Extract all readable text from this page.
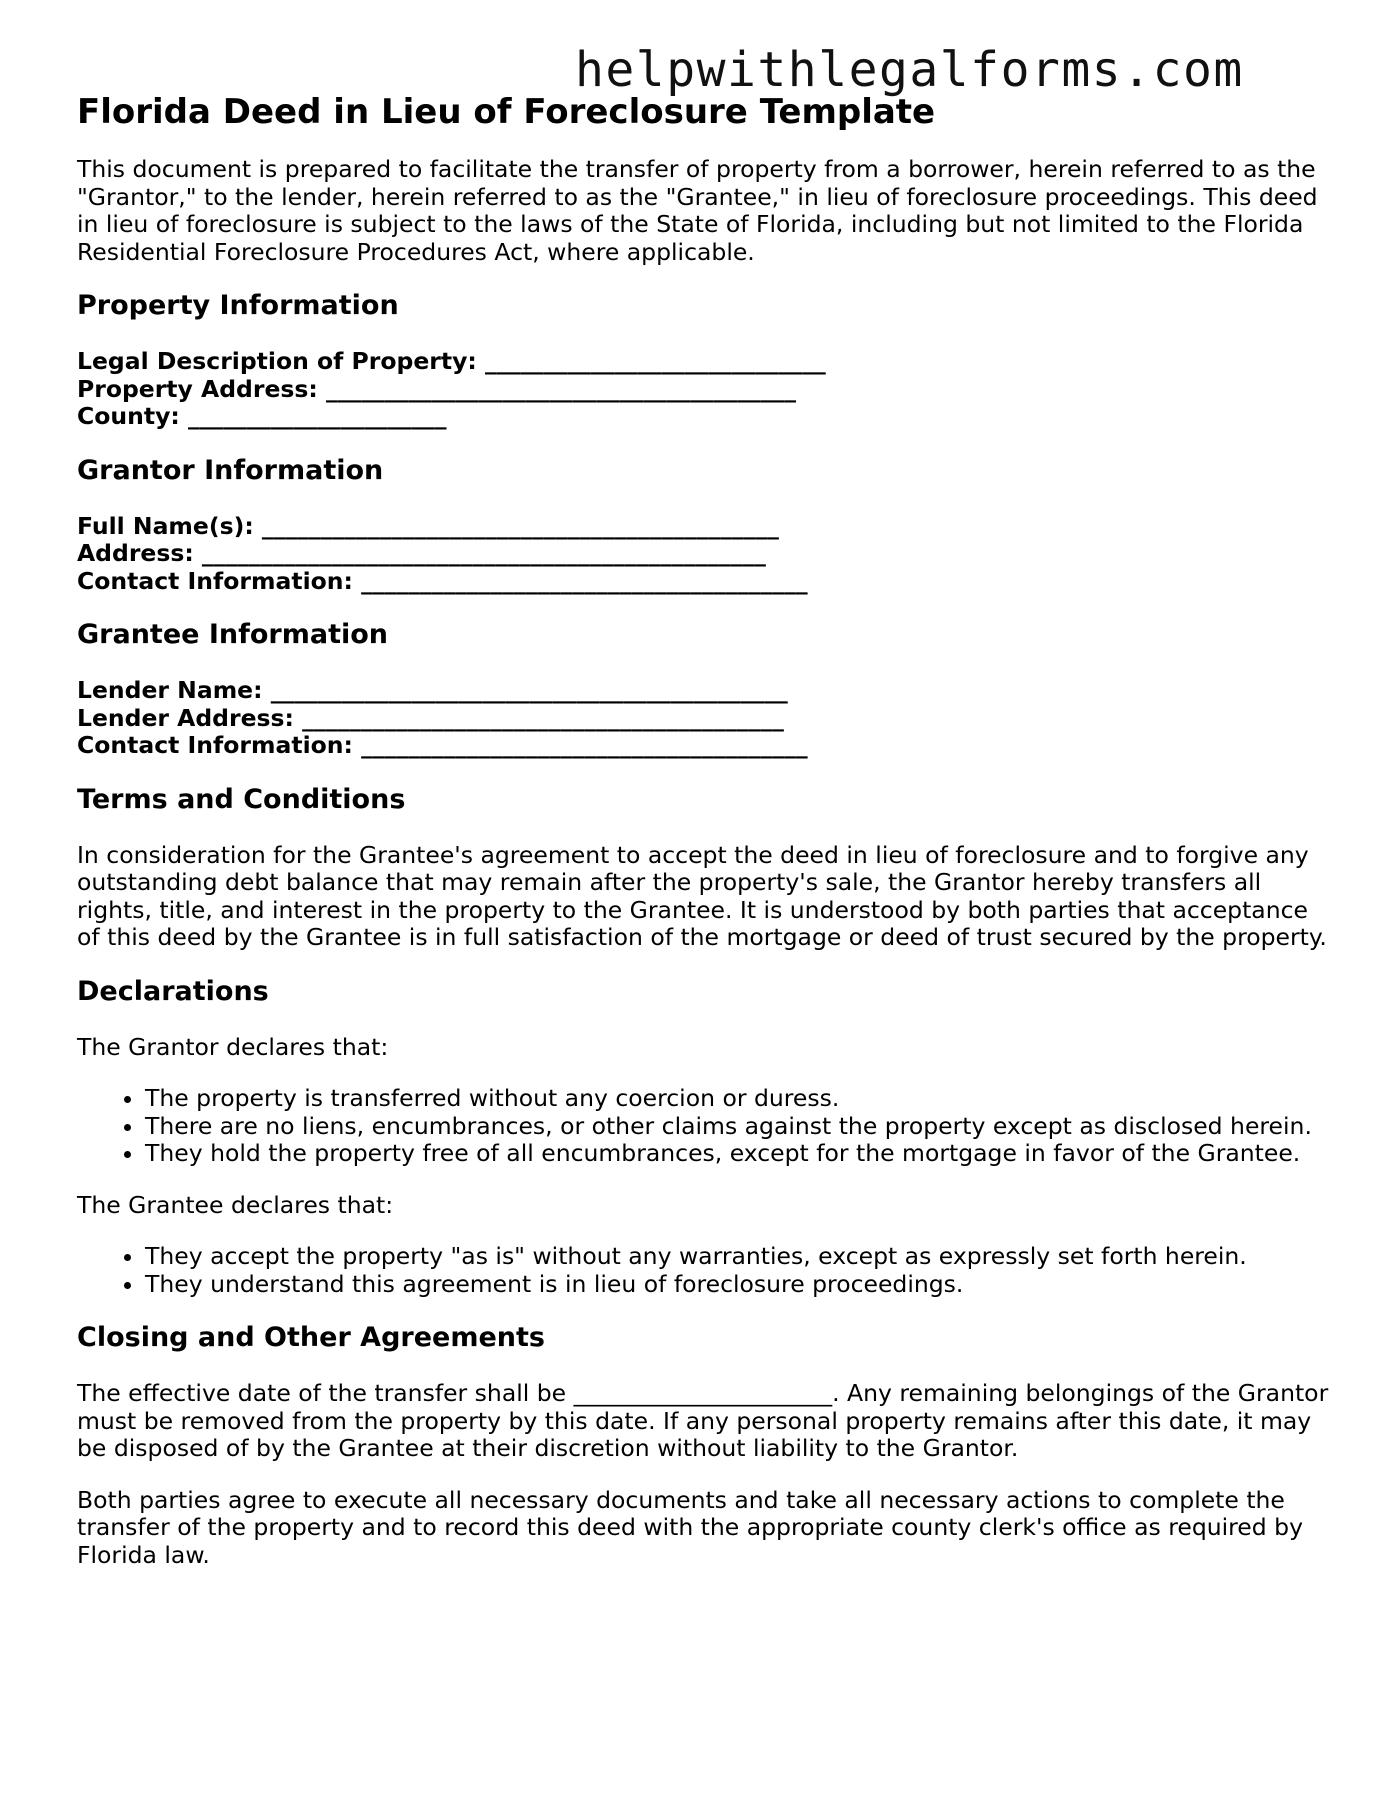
helpwithlegalforms.com
Florida Deed in Lieu of Foreclosure Template

This document is prepared to facilitate the transfer of property from a borrower, herein referred to as the "Grantor," to the lender, herein referred to as the "Grantee," in lieu of foreclosure proceedings. This deed in lieu of foreclosure is subject to the laws of the State of Florida, including but not limited to the Florida Residential Foreclosure Procedures Act, where applicable.

Property Information
Legal Description of Property: _____________________________
Property Address: ________________________________________
County: ______________________
Grantor Information
Full Name(s): ____________________________________________
Address: ________________________________________________
Contact Information: ______________________________________
Grantee Information
Lender Name: ____________________________________________
Lender Address: _________________________________________
Contact Information: ______________________________________
Terms and Conditions

In consideration for the Grantee's agreement to accept the deed in lieu of foreclosure and to forgive any outstanding debt balance that may remain after the property's sale, the Grantor hereby transfers all rights, title, and interest in the property to the Grantee. It is understood by both parties that acceptance of this deed by the Grantee is in full satisfaction of the mortgage or deed of trust secured by the property.

Declarations

The Grantor declares that:

• The property is transferred without any coercion or duress.
• There are no liens, encumbrances, or other claims against the property except as disclosed herein.
• They hold the property free of all encumbrances, except for the mortgage in favor of the Grantee.

The Grantee declares that:

• They accept the property "as is" without any warranties, except as expressly set forth herein.
• They understand this agreement is in lieu of foreclosure proceedings.
Closing and Other Agreements

The effective date of the transfer shall be ______________________. Any remaining belongings of the Grantor must be removed from the property by this date. If any personal property remains after this date, it may be disposed of by the Grantee at their discretion without liability to the Grantor.

Both parties agree to execute all necessary documents and take all necessary actions to complete the transfer of the property and to record this deed with the appropriate county clerk's office as required by Florida law.
